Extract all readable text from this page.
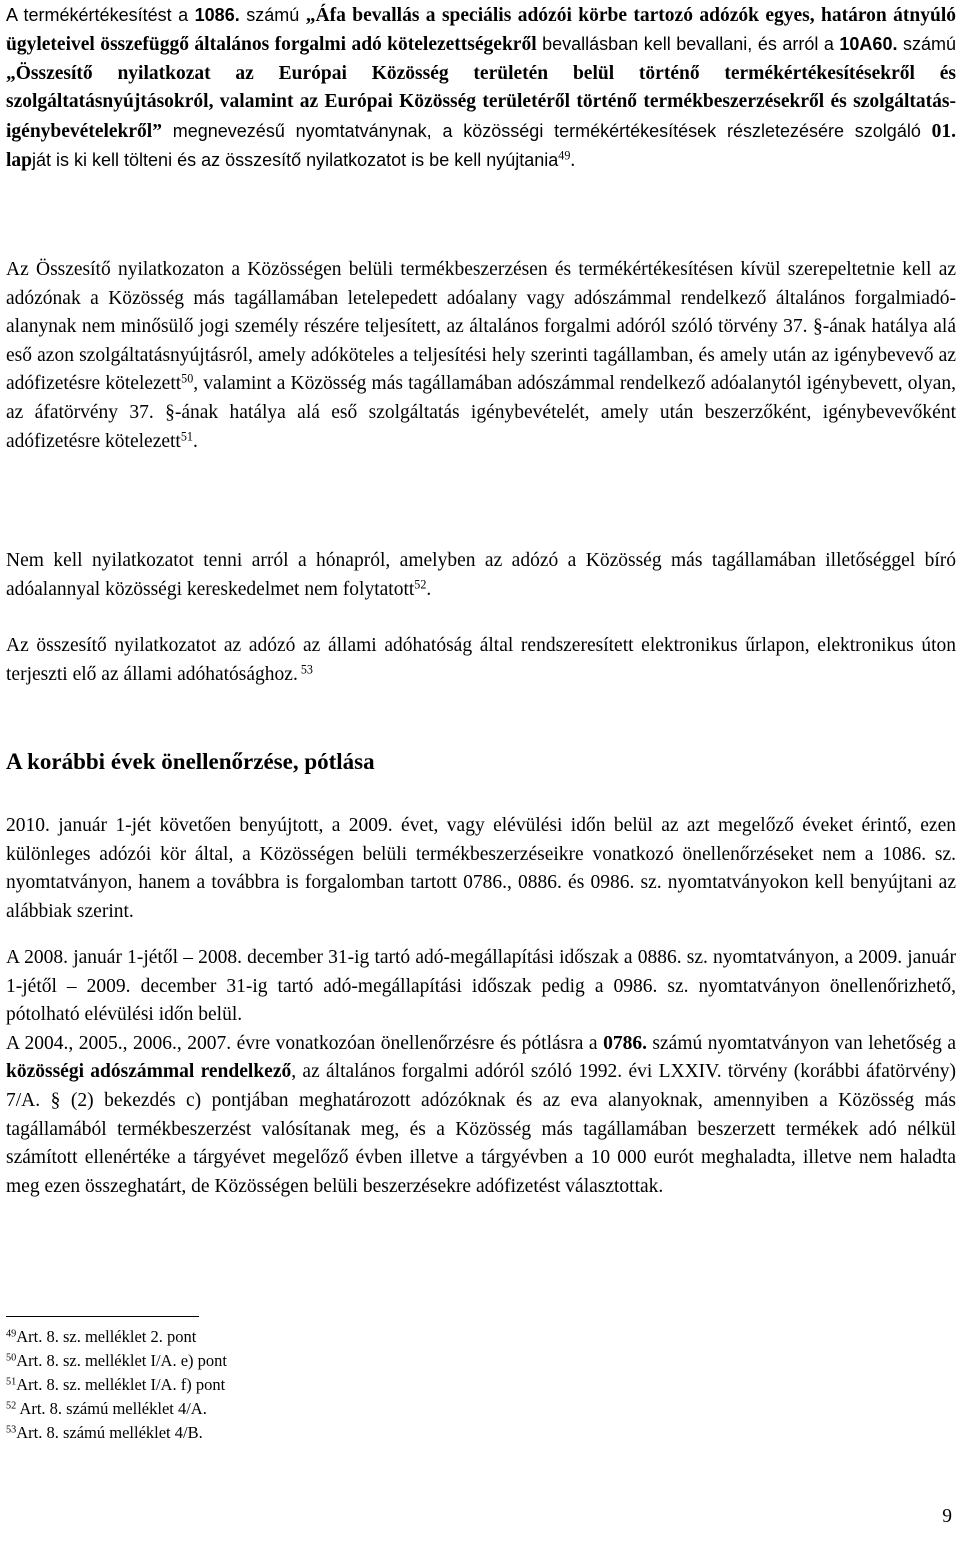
A termékértékesítést a 1086. számú „Áfa bevallás a speciális adózói körbe tartozó adózók egyes, határon átnyúló ügyleteivel összefüggő általános forgalmi adó kötelezettségekről bevallásban kell bevallani, és arról a 10A60. számú „Összesítő nyilatkozat az Európai Közösség területén belül történő termékértékesítésekről és szolgáltatásnyújtásokról, valamint az Európai Közösség területéről történő termékbeszerzésekről és szolgáltatás-igénybevételekről” megnevezésű nyomtatványnak, a közösségi termékértékesítések részletezésére szolgáló 01. lapját is ki kell tölteni és az összesítő nyilatkozatot is be kell nyújtania$^{49}$.

Az Összesítő nyilatkozaton a Közösségen belüli termékbeszerzésen és termékértékesítésen kívül szerepeltetnie kell az adózónak a Közösség más tagállamában letelepedett adóalany vagy adószámmal rendelkező általános forgalmiadó-alanynak nem minősülő jogi személy részére teljesített, az általános forgalmi adóról szóló törvény 37. §-ának hatálya alá eső azon szolgáltatásnyújtásról, amely adóköteles a teljesítési hely szerinti tagállamban, és amely után az igénybevevő az adófizetésre kötelezett$^{50}$, valamint a Közösség más tagállamában adószámmal rendelkező adóalanytól igénybevett, olyan, az áfatörvény 37. §-ának hatálya alá eső szolgáltatás igénybevételét, amely után beszerzőként, igénybevevőként adófizetésre kötelezett$^{51}$.

Nem kell nyilatkozatot tenni arról a hónapról, amelyben az adózó a Közösség más tagállamában illetőséggel bíró adóalannyal közösségi kereskedelmet nem folytatott$^{52}$.

Az összesítő nyilatkozatot az adózó az állami adóhatóság által rendszeresített elektronikus űrlapon, elektronikus úton terjeszti elő az állami adóhatósághoz. $^{53}$

A korábbi évek önellenőrzése, pótlása

2010. január 1-jét követően benyújtott, a 2009. évet, vagy elévülési időn belül az azt megelőző éveket érintő, ezen különleges adózói kör által, a Közösségen belüli termékbeszerzéseikre vonatkozó önellenőrzéseket nem a 1086. sz. nyomtatványon, hanem a továbbra is forgalomban tartott 0786., 0886. és 0986. sz. nyomtatványokon kell benyújtani az alábbiak szerint.

A 2008. január 1-jétől – 2008. december 31-ig tartó adó-megállapítási időszak a 0886. sz. nyomtatványon, a 2009. január 1-jétől – 2009. december 31-ig tartó adó-megállapítási időszak pedig a 0986. sz. nyomtatványon önellenőrizhető, pótolható elévülési időn belül.
A 2004., 2005., 2006., 2007. évre vonatkozóan önellenőrzésre és pótlásra a 0786. számú nyomtatványon van lehetőség a közösségi adószámmal rendelkező, az általános forgalmi adóról szóló 1992. évi LXXIV. törvény (korábbi áfatörvény) 7/A. § (2) bekezdés c) pontjában meghatározott adózóknak és az eva alanyoknak, amennyiben a Közösség más tagállamából termékbeszerzést valósítanak meg, és a Közösség más tagállamában beszerzett termékek adó nélkül számított ellenértéke a tárgyévet megelőző évben illetve a tárgyévben a 10 000 eurót meghaladta, illetve nem haladta meg ezen összeghatárt, de Közösségen belüli beszerzésekre adófizetést választottak.

$^{49}$Art. 8. sz. melléklet 2. pont
$^{50}$Art. 8. sz. melléklet I/A. e) pont
$^{51}$Art. 8. sz. melléklet I/A. f) pont
$^{52}$ Art. 8. számú melléklet 4/A.
$^{53}$Art. 8. számú melléklet 4/B.

9
